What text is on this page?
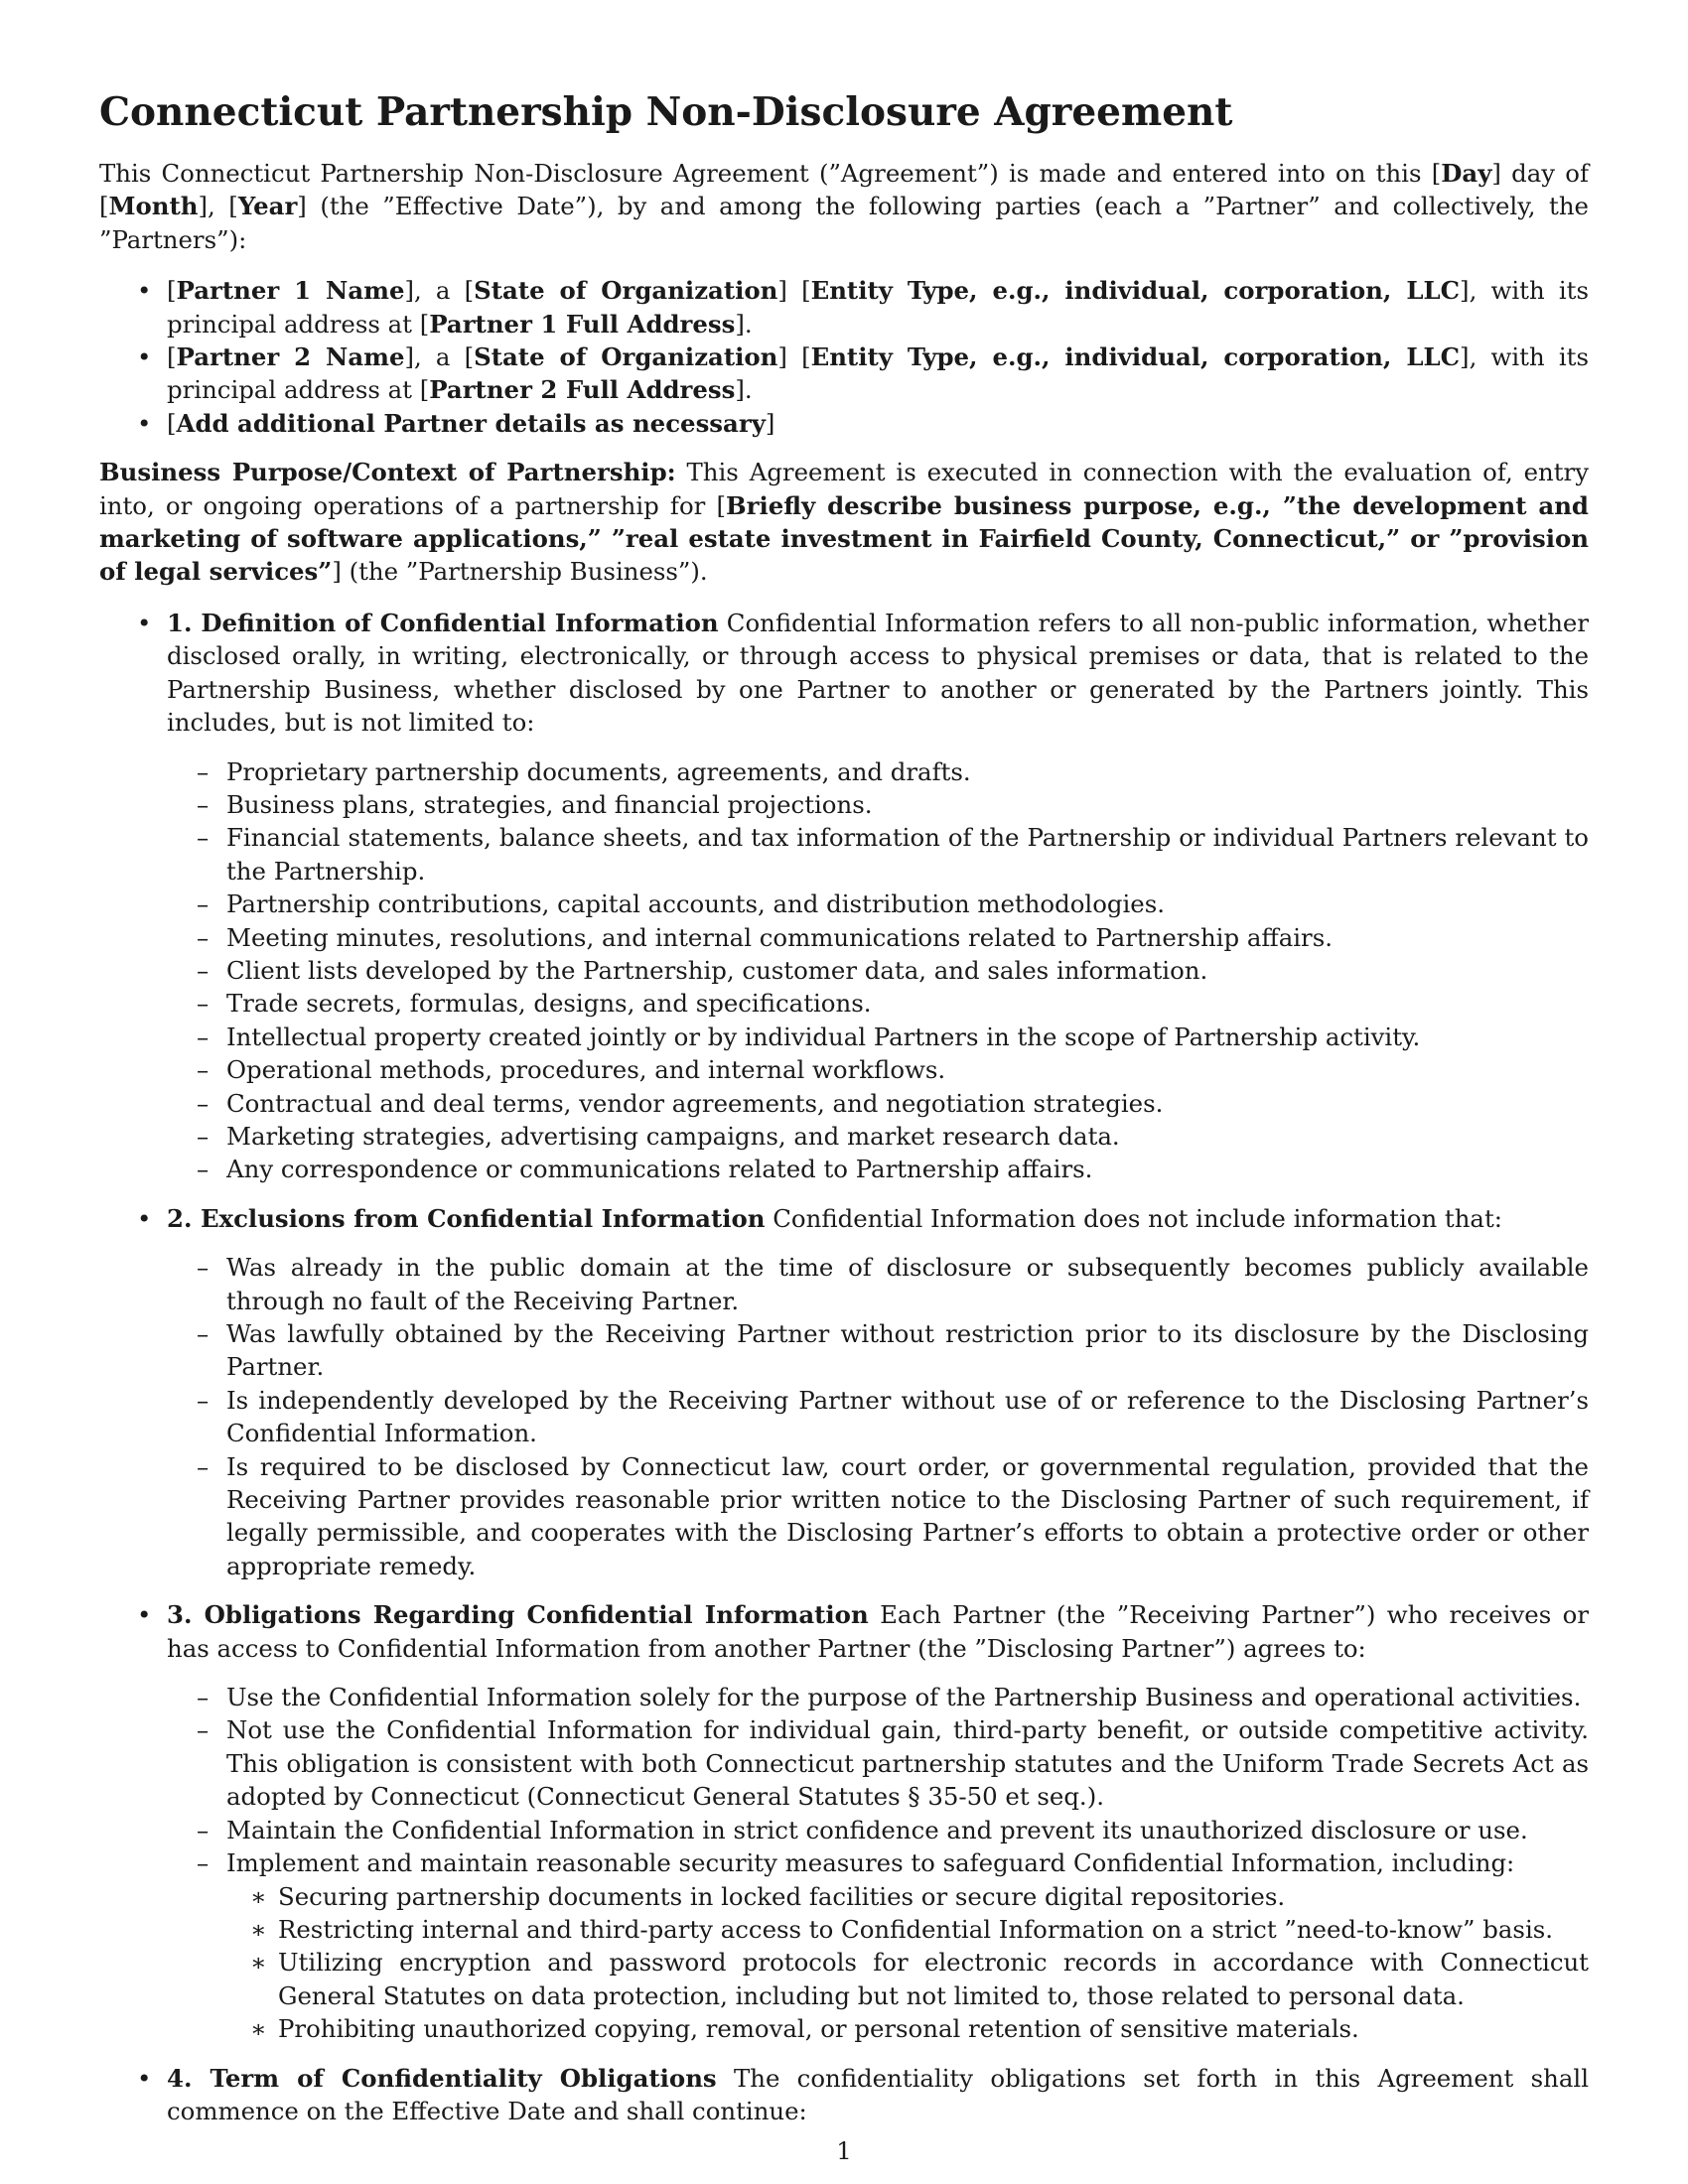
Connecticut Partnership Non-Disclosure Agreement

This Connecticut Partnership Non-Disclosure Agreement (”Agreement”) is made and entered into on this [Day] day of [Month], [Year] (the ”Effective Date”), by and among the following parties (each a ”Partner” and collectively, the ”Partners”):

• [Partner 1 Name], a [State of Organization] [Entity Type, e.g., individual, corporation, LLC], with its principal address at [Partner 1 Full Address].
• [Partner 2 Name], a [State of Organization] [Entity Type, e.g., individual, corporation, LLC], with its principal address at [Partner 2 Full Address].
• [Add additional Partner details as necessary]

Business Purpose/Context of Partnership: This Agreement is executed in connection with the evaluation of, entry into, or ongoing operations of a partnership for [Briefly describe business purpose, e.g., ”the development and marketing of software applications,” ”real estate investment in Fairfield County, Connecticut,” or ”provision of legal services”] (the ”Partnership Business”).

• 1. Definition of Confidential Information Confidential Information refers to all non-public information, whether disclosed orally, in writing, electronically, or through access to physical premises or data, that is related to the Partnership Business, whether disclosed by one Partner to another or generated by the Partners jointly. This includes, but is not limited to:
– Proprietary partnership documents, agreements, and drafts.
– Business plans, strategies, and financial projections.
– Financial statements, balance sheets, and tax information of the Partnership or individual Partners relevant to the Partnership.
– Partnership contributions, capital accounts, and distribution methodologies.
– Meeting minutes, resolutions, and internal communications related to Partnership affairs.
– Client lists developed by the Partnership, customer data, and sales information.
– Trade secrets, formulas, designs, and specifications.
– Intellectual property created jointly or by individual Partners in the scope of Partnership activity.
– Operational methods, procedures, and internal workflows.
– Contractual and deal terms, vendor agreements, and negotiation strategies.
– Marketing strategies, advertising campaigns, and market research data.
– Any correspondence or communications related to Partnership affairs.
• 2. Exclusions from Confidential Information Confidential Information does not include information that:
– Was already in the public domain at the time of disclosure or subsequently becomes publicly available through no fault of the Receiving Partner.
– Was lawfully obtained by the Receiving Partner without restriction prior to its disclosure by the Disclosing Partner.
– Is independently developed by the Receiving Partner without use of or reference to the Disclosing Partner’s Confidential Information.
– Is required to be disclosed by Connecticut law, court order, or governmental regulation, provided that the Receiving Partner provides reasonable prior written notice to the Disclosing Partner of such requirement, if legally permissible, and cooperates with the Disclosing Partner’s efforts to obtain a protective order or other appropriate remedy.
• 3. Obligations Regarding Confidential Information Each Partner (the ”Receiving Partner”) who receives or has access to Confidential Information from another Partner (the ”Disclosing Partner”) agrees to:
– Use the Confidential Information solely for the purpose of the Partnership Business and operational activities.
– Not use the Confidential Information for individual gain, third-party benefit, or outside competitive activity. This obligation is consistent with both Connecticut partnership statutes and the Uniform Trade Secrets Act as adopted by Connecticut (Connecticut General Statutes § 35-50 et seq.).
– Maintain the Confidential Information in strict confidence and prevent its unauthorized disclosure or use.
– Implement and maintain reasonable security measures to safeguard Confidential Information, including:
∗ Securing partnership documents in locked facilities or secure digital repositories.
∗ Restricting internal and third-party access to Confidential Information on a strict ”need-to-know” basis.
∗ Utilizing encryption and password protocols for electronic records in accordance with Connecticut General Statutes on data protection, including but not limited to, those related to personal data.
∗ Prohibiting unauthorized copying, removal, or personal retention of sensitive materials.
• 4. Term of Confidentiality Obligations The confidentiality obligations set forth in this Agreement shall commence on the Effective Date and shall continue:
1
